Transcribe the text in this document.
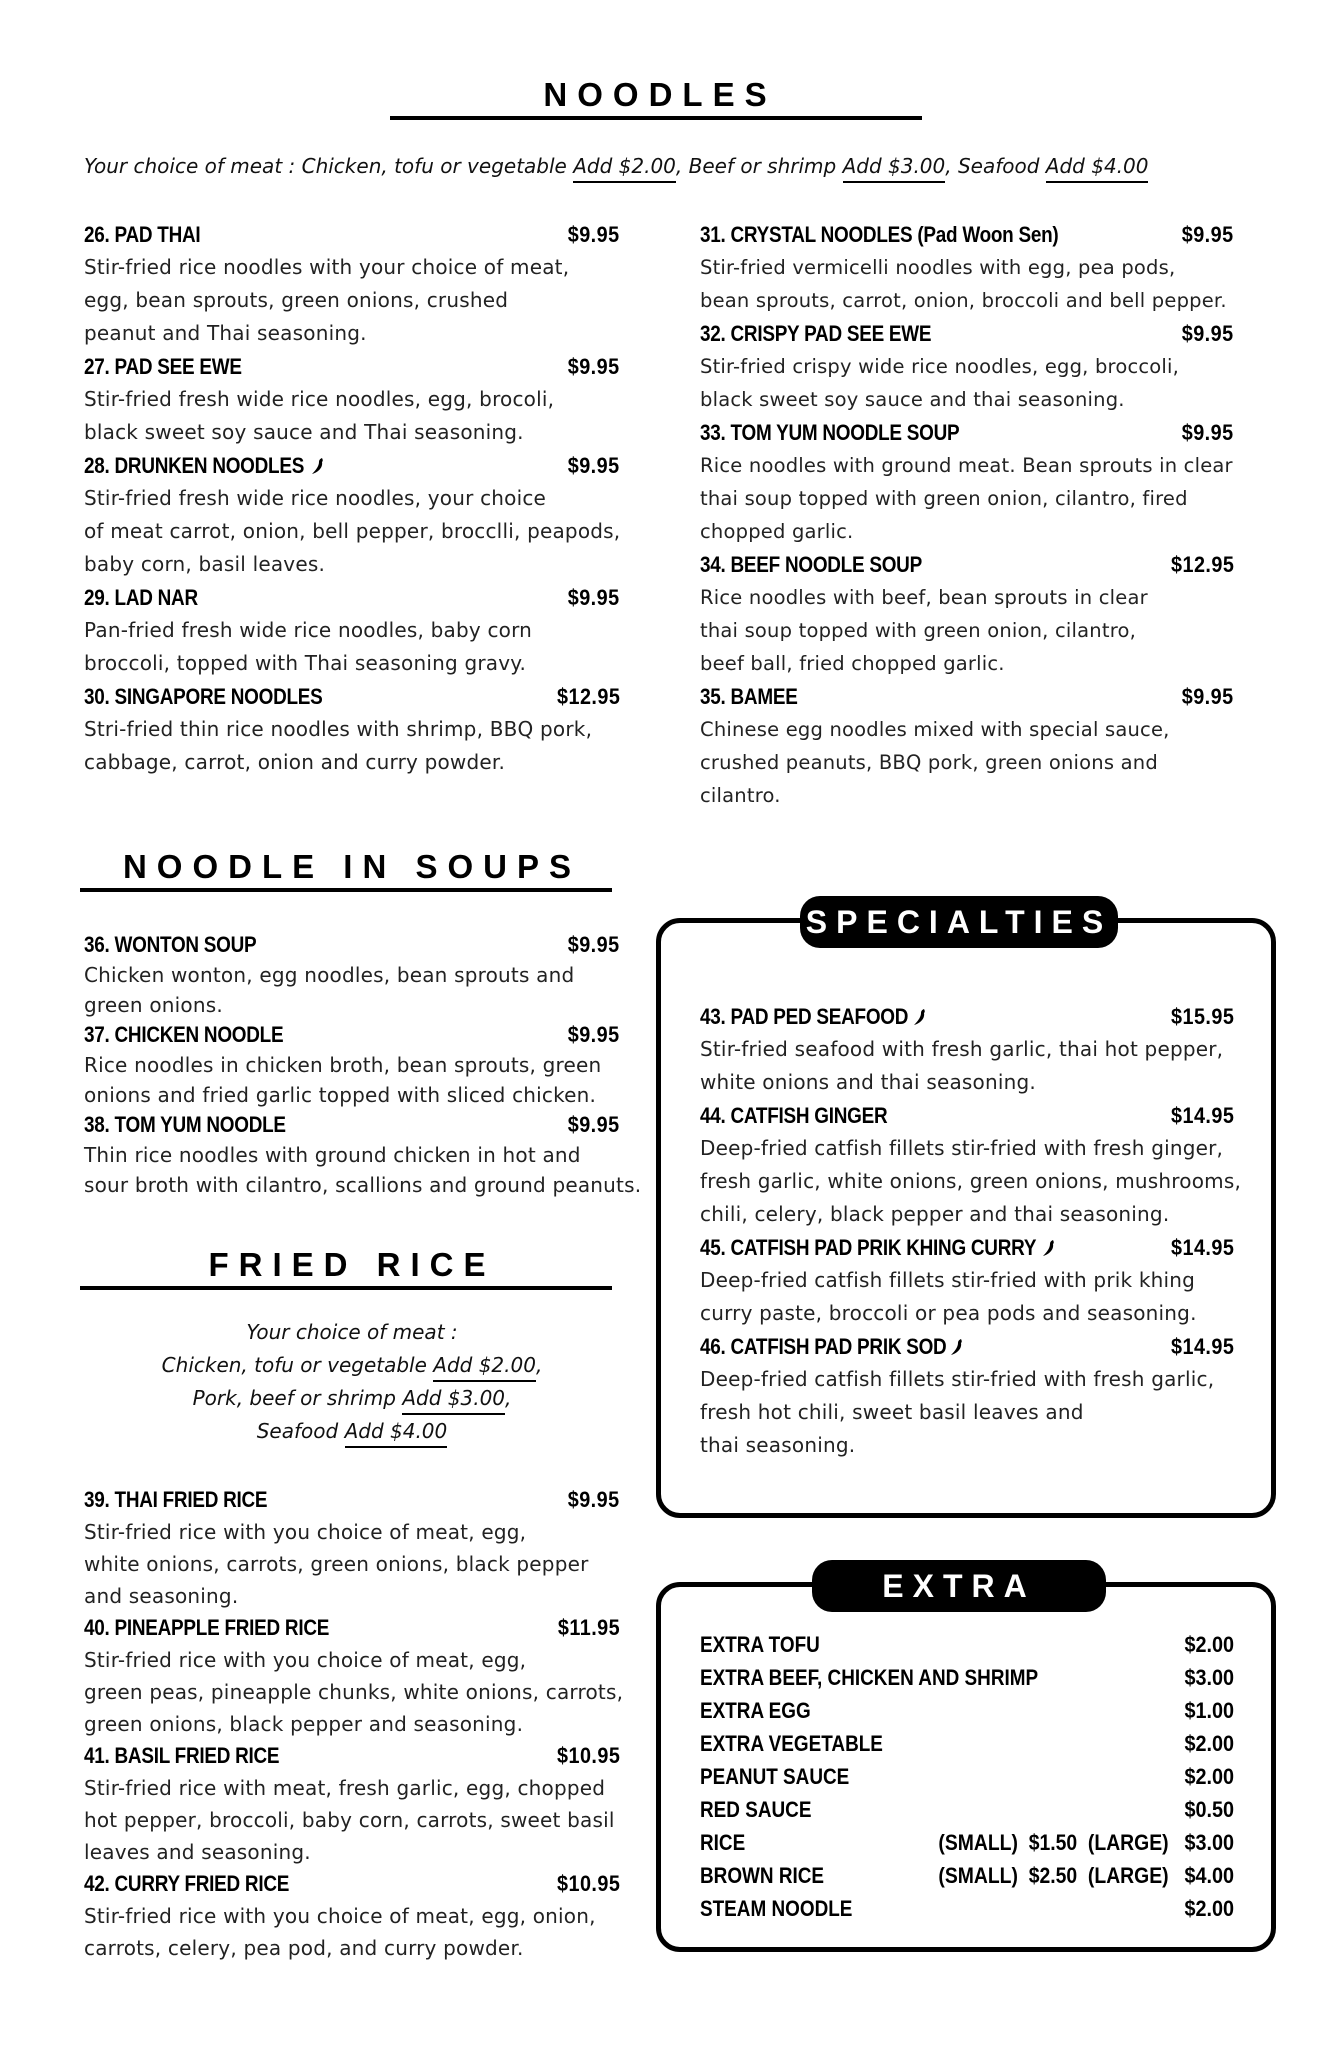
NOODLES
Your choice of meat : Chicken, tofu or vegetable Add $2.00, Beef or shrimp Add $3.00, Seafood Add $4.00
26. PAD THAI	$9.95
Stir-fried rice noodles with your choice of meat,
egg, bean sprouts, green onions, crushed
peanut and Thai seasoning.
27. PAD SEE EWE	$9.95
Stir-fried fresh wide rice noodles, egg, brocoli,
black sweet soy sauce and Thai seasoning.
28. DRUNKEN NOODLES	$9.95
Stir-fried fresh wide rice noodles, your choice
of meat carrot, onion, bell pepper, broccl​li, peapods,
baby corn, basil leaves.
29. LAD NAR	$9.95
Pan-fried fresh wide rice noodles, baby corn
broccoli, topped with Thai seasoning gravy.
30. SINGAPORE NOODLES	$12.95
Stri-fried thin rice noodles with shrimp, BBQ pork,
cabbage, carrot, onion and curry powder.
31. CRYSTAL NOODLES (Pad Woon Sen)	$9.95
Stir-fried vermicelli noodles with egg, pea pods,
bean sprouts, carrot, onion, broccoli and bell pepper.
32. CRISPY PAD SEE EWE	$9.95
Stir-fried crispy wide rice noodles, egg, broccoli,
black sweet soy sauce and thai seasoning.
33. TOM YUM NOODLE SOUP	$9.95
Rice noodles with ground meat. Bean sprouts in clear
thai soup topped with green onion, cilantro, fired
chopped garlic.
34. BEEF NOODLE SOUP	$12.95
Rice noodles with beef, bean sprouts in clear
thai soup topped with green onion, cilantro,
beef ball, fried chopped garlic.
35. BAMEE	$9.95
Chinese egg noodles mixed with special sauce,
crushed peanuts, BBQ pork, green onions and
cilantro.
NOODLE IN SOUPS
36. WONTON SOUP	$9.95
Chicken wonton, egg noodles, bean sprouts and
green onions.
37. CHICKEN NOODLE	$9.95
Rice noodles in chicken broth, bean sprouts, green
onions and fried garlic topped with sliced chicken.
38. TOM YUM NOODLE	$9.95
Thin rice noodles with ground chicken in hot and
sour broth with cilantro, scallions and ground peanuts.
FRIED RICE
Your choice of meat :
Chicken, tofu or vegetable Add $2.00,
Pork, beef or shrimp Add $3.00,
Seafood Add $4.00
39. THAI FRIED RICE	$9.95
Stir-fried rice with you choice of meat, egg,
white onions, carrots, green onions, black pepper
and seasoning.
40. PINEAPPLE FRIED RICE	$11.95
Stir-fried rice with you choice of meat, egg,
green peas, pineapple chunks, white onions, carrots,
green onions, black pepper and seasoning.
41. BASIL FRIED RICE	$10.95
Stir-fried rice with meat, fresh garlic, egg, chopped
hot pepper, broccoli, baby corn, carrots, sweet basil
leaves and seasoning.
42. CURRY FRIED RICE	$10.95
Stir-fried rice with you choice of meat, egg, onion,
carrots, celery, pea pod, and curry powder.
SPECIALTIES
43. PAD PED SEAFOOD	$15.95
Stir-fried seafood with fresh garlic, thai hot pepper,
white onions and thai seasoning.
44. CATFISH GINGER	$14.95
Deep-fried catfish fillets stir-fried with fresh ginger,
fresh garlic, white onions, green onions, mushrooms,
chili, celery, black pepper and thai seasoning.
45. CATFISH PAD PRIK KHING CURRY	$14.95
Deep-fried catfish fillets stir-fried with prik khing
curry paste, broccoli or pea pods and seasoning.
46. CATFISH PAD PRIK SOD	$14.95
Deep-fried catfish fillets stir-fried with fresh garlic,
fresh hot chili, sweet basil leaves and
thai seasoning.
EXTRA
EXTRA TOFU	$2.00
EXTRA BEEF, CHICKEN AND SHRIMP	$3.00
EXTRA EGG	$1.00
EXTRA VEGETABLE	$2.00
PEANUT SAUCE	$2.00
RED SAUCE	$0.50
RICE	(SMALL)  $1.50  (LARGE) $3.00
BROWN RICE	(SMALL)  $2.50  (LARGE) $4.00
STEAM NOODLE	$2.00
